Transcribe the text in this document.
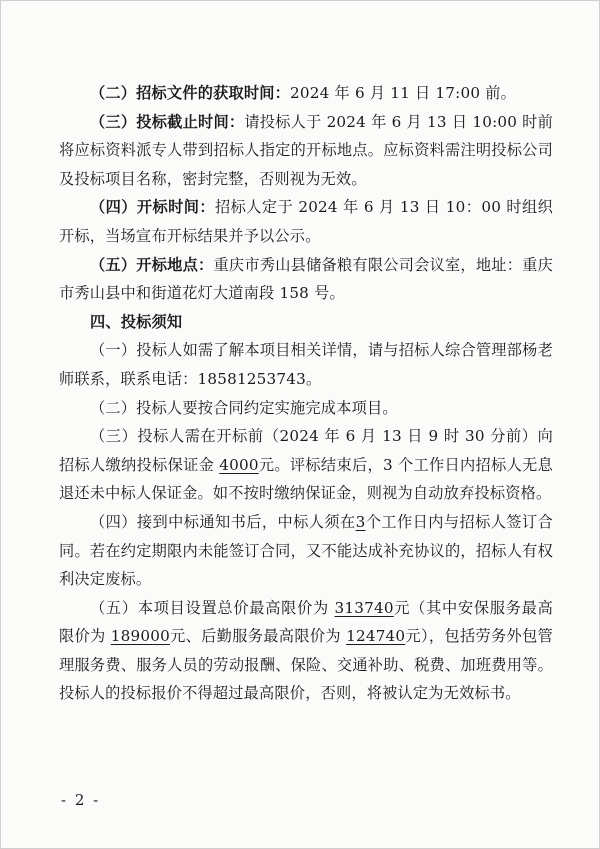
（二）招标文件的获取时间：2024 年 6 月 11 日 17:00 前。

（三）投标截止时间：请投标人于 2024 年 6 月 13 日 10:00 时前将应标资料派专人带到招标人指定的开标地点。应标资料需注明投标公司及投标项目名称，密封完整，否则视为无效。

（四）开标时间：招标人定于 2024 年 6 月 13 日 10：00 时组织开标，当场宣布开标结果并予以公示。

（五）开标地点：重庆市秀山县储备粮有限公司会议室，地址：重庆市秀山县中和街道花灯大道南段 158 号。

四、投标须知

（一）投标人如需了解本项目相关详情，请与招标人综合管理部杨老师联系，联系电话：18581253743。

（二）投标人要按合同约定实施完成本项目。

（三）投标人需在开标前（2024 年 6 月 13 日 9 时 30 分前）向招标人缴纳投标保证金 4000元。评标结束后，3 个工作日内招标人无息退还未中标人保证金。如不按时缴纳保证金，则视为自动放弃投标资格。

（四）接到中标通知书后，中标人须在3个工作日内与招标人签订合同。若在约定期限内未能签订合同，又不能达成补充协议的，招标人有权利决定废标。

（五）本项目设置总价最高限价为 313740元（其中安保服务最高限价为 189000元、后勤服务最高限价为 124740元），包括劳务外包管理服务费、服务人员的劳动报酬、保险、交通补助、税费、加班费用等。投标人的投标报价不得超过最高限价，否则，将被认定为无效标书。

- 2 -
